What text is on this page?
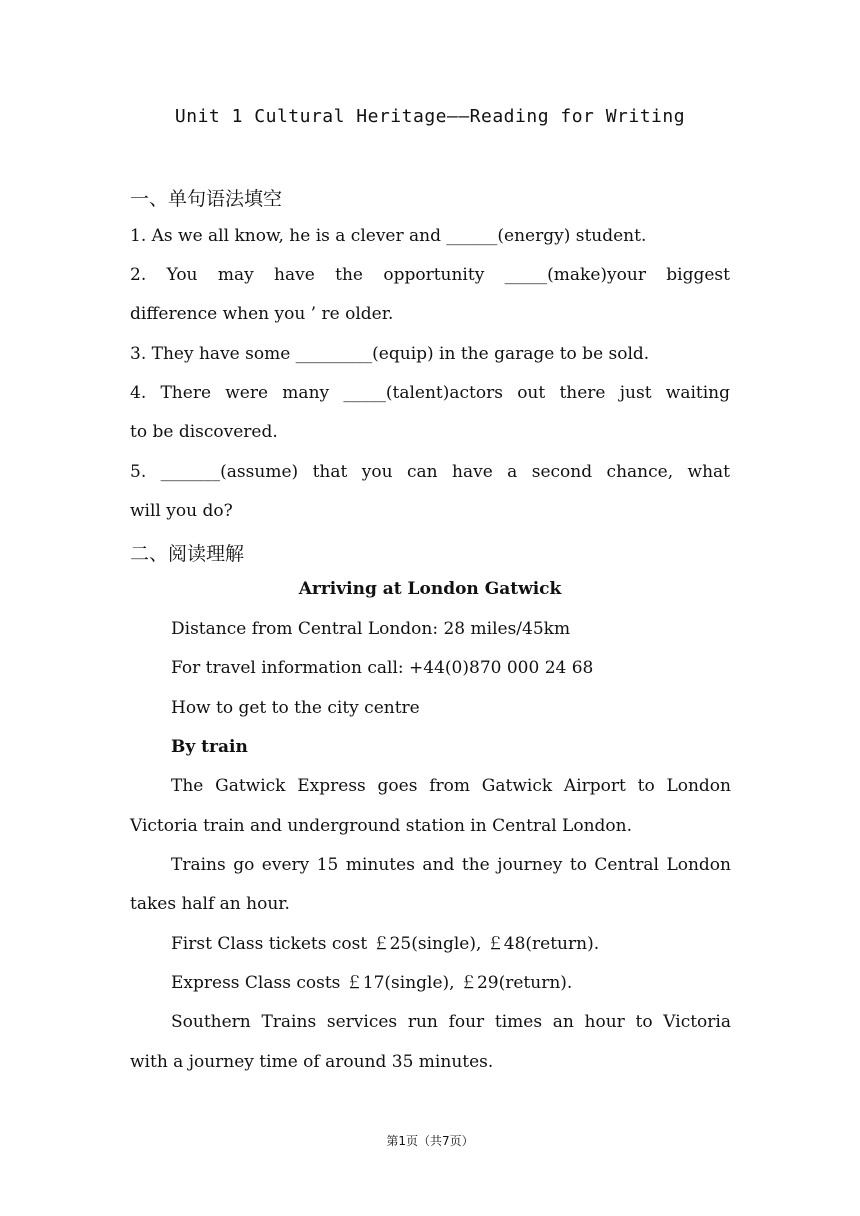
Unit 1 Cultural Heritage——Reading for Writing
一、单句语法填空
1. As we all know, he is a clever and ______(energy) student.
2. You may have the opportunity _____(make)your biggest
difference when you ’ re older.
3. They have some _________(equip) in the garage to be sold.
4. There were many _____(talent)actors out there just waiting
to be discovered.
5. _______(assume) that you can have a second chance, what
will you do?
二、阅读理解
Arriving at London Gatwick
Distance from Central London: 28 miles/45km
For travel information call: +44(0)870 000 24 68
How to get to the city centre
By train
The Gatwick Express goes from Gatwick Airport to London
Victoria train and underground station in Central London.
Trains go every 15 minutes and the journey to Central London
takes half an hour.
First Class tickets cost ￡25(single), ￡48(return).
Express Class costs ￡17(single), ￡29(return).
Southern Trains services run four times an hour to Victoria
with a journey time of around 35 minutes.
第1页（共7页）
